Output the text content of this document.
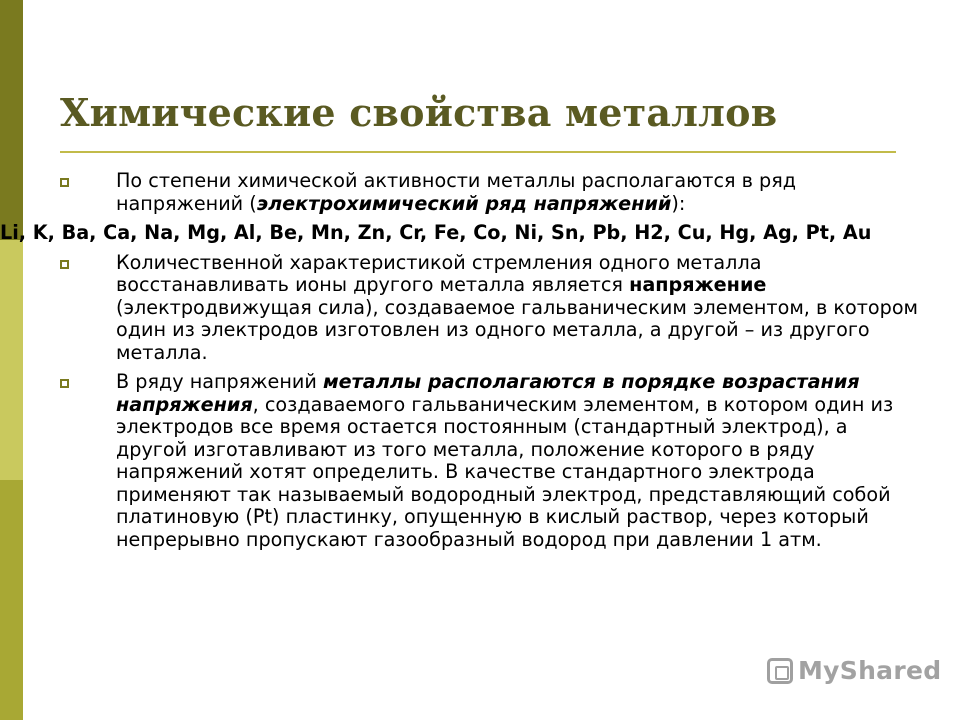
Химические свойства металлов

По степени химической активности металлы располагаются в ряд напряжений (электрохимический ряд напряжений):

Li, K, Ba, Ca, Na, Mg, Al, Be, Mn, Zn, Cr, Fe, Co, Ni, Sn, Pb, H2, Cu, Hg, Ag, Pt, Au

Количественной характеристикой стремления одного металла восстанавливать ионы другого металла является напряжение (электродвижущая сила), создаваемое гальваническим элементом, в котором один из электродов изготовлен из одного металла, а другой – из другого металла.

В ряду напряжений металлы располагаются в порядке возрастания напряжения, создаваемого гальваническим элементом, в котором один из электродов все время остается постоянным (стандартный электрод), а другой изготавливают из того металла, положение которого в ряду напряжений хотят определить. В качестве стандартного электрода применяют так называемый водородный электрод, представляющий собой платиновую (Pt) пластинку, опущенную в кислый раствор, через который непрерывно пропускают газообразный водород при давлении 1 атм.

MyShared
